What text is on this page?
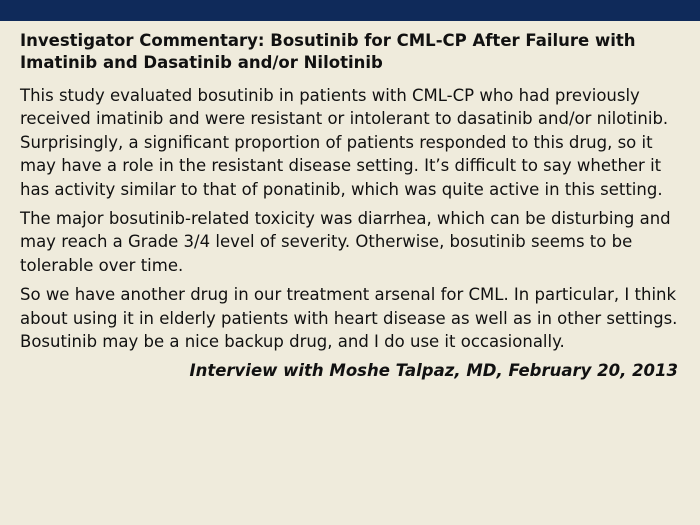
Investigator Commentary: Bosutinib for CML-CP After Failure with Imatinib and Dasatinib and/or Nilotinib

This study evaluated bosutinib in patients with CML-CP who had previously received imatinib and were resistant or intolerant to dasatinib and/or nilotinib. Surprisingly, a significant proportion of patients responded to this drug, so it may have a role in the resistant disease setting. It’s difficult to say whether it has activity similar to that of ponatinib, which was quite active in this setting.

The major bosutinib-related toxicity was diarrhea, which can be disturbing and may reach a Grade 3/4 level of severity. Otherwise, bosutinib seems to be tolerable over time.

So we have another drug in our treatment arsenal for CML. In particular, I think about using it in elderly patients with heart disease as well as in other settings. Bosutinib may be a nice backup drug, and I do use it occasionally.

Interview with Moshe Talpaz, MD, February 20, 2013
